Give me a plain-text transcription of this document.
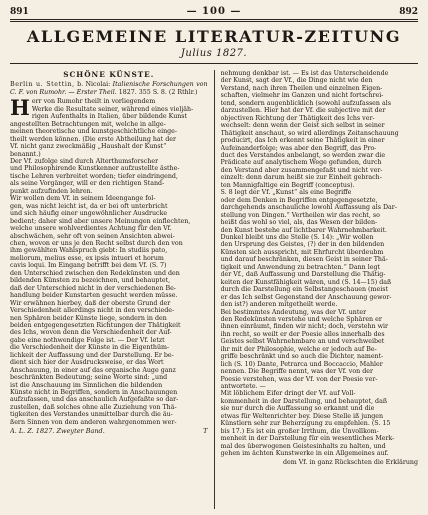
891	— 100 —	892
ALLGEMEINE LITERATUR-ZEITUNG
Julius 1827.
SCHÖNE KÜNSTE.
Berlin u. Stettin, b. Nicolai: Italienische Forschungen von C. F. von Rumohr. — Erster Theil. 1827. 355 S. 8. (2 Rthlr.)
H err von Rumohr theilt in vorliegendem
Werke die Resultate seiner, während eines vieljäh-
rigen Aufenthalts in Italien, über bildende Kunst
angestellten Betrachtungen mit, welche in allge-
meinen theoretische und kunstgeschichtliche einge-
theilt werden können. (Die erste Abtheilung hat der
Vf. nicht ganz zweckmäßig „Haushalt der Kunst“
benannt.)
Der Vf. zufolge sind durch Alterthumsforscher
und Philosophirende Kunstkenner aufzustellte ästhe-
tische Lehren verbreitet worden; tiefer eindringend,
als seine Vorgänger, will er den richtigen Stand-
punkt aufzufinden lehren.
Wir wollen dem Vf. in seinem Ideengange fol-
gen, was nicht leicht ist, da er bei oft unterbricht
und sich häufig einer ungewöhnlicher Ausdrucke
bedient; daher sind aber unsere Meinungen einflechten,
welche unsere wohlverdientes Achtung für den Vf.
abschwächen, sehr oft von seinen Ansichten abwei-
chen, wovon er uns je den Recht selbst durch den von
ihm gewählten Wahlspruch giebt: In studiis pato,
meliorum, melius esse, ex ipsis intueri et horum
cavis loqui. Im Eingang betrifft bei dem Vf. (S. 7)
den Unterschied zwischen den Redekünsten und den
bildenden Künsten zu bezeichnen, und behauptet,
daß der Unterschied nicht in der verschiedenen Be-
handlung beider Kunstarten gesucht werden müsse.
Wir erwähnen hierbey, daß der oberste Grund der
Verschiedenheit allerdings nicht in den verschiede-
nen Sphären beider Künste liege, sondern in den
beiden entgegengesetzten Richtungen der Thätigkeit
des Ichs, wovon denn die Verschiedenheit der Auf-
gabe eine nothwendige Folge ist. — Der Vf. letzt
die Verschiedenheit der Künste in die Eigenthüm-
lichkeit der Auffassung und der Darstellung. Er be-
dient sich hier der Ausdrucksweise, er das Wort
Anschauung, in einer auf das organische Auge ganz
beschränkten Bedeutung; seine Worte sind: „und
ist die Anschauung im Sinnlichen die bildenden
Künste nicht in Begriffen, sondern in Anschauungen
aufzufassen, und das anschaulich Aufgefaßte so dar-
zustellen, daß solches ohne alle Zuziehung von Thä-
tigkeiten des Verstandes unmittelbar durch die äu-
ßern Sinnen von dem anderen wahrgenommen wer-
A. L. Z. 1827. Zweyter Band.	T
nehmung denkbar ist. — Es ist das Unterscheidende
der Kunst, sagt der Vf., die Dinge nicht wie den
Verstand, nach ihren Theilen und einzelnen Eigen-
schaften, vielmehr im Ganzen und nicht fortschrei-
tend, sondern augenblicklich (sowohl aufzufassen als
darzustellen. Hier hat der Vf. die subjective mit der
objectiven Richtung der Thätigkeit des Ichs ver-
wechselt: denn wenn der Geist sich selbst in seiner
Thätigkeit anschaut, so wird allerdings Zeitanschauung
producirt, das Ich erkennt seine Thätigkeit in einer
Aufeinanderfolge; was aber den Begriff, das Pro-
duct des Verstandes anbelangt, so werden zwar die
Prädicate auf analytischem Wege gefunden, durch
den Verstand aber zusammengefaßt und nicht ver-
einzelt: denn darum heißt sie zur Einheit gebrach-
ten Mannigfaltige ein Begriff (conceptus).
S. 8 legt der Vf. „Kunst“ als eine Begriffe
oder dem Denken in Begriffen entgegengesetzte,
darchgehends anschauliche lowohl Auffassung als Dar-
stellung von Dingen.“ Vertheilen wir das recht, so
heißt das wohl so viel, als, das Wesen der bilden-
den Kunst bestehe auf lichtbarer Wahrnehmbarkeit.
Dunkel bleibt uns die Stelle (S. 14): „Wir wollen
den Ursprung des Geistes, (?) der in den bildenden
Künsten sich ausspricht, mit Ehrfurcht überdeubm
und darauf beschränken, diesen Geist in seiner Thä-
tigkeit und Anwendung zu betrachten.“ Dann legt
der Vf., daß Auffassung und Darstellung die Thätig-
keiten der Kunstfähigkeit wären, und (S. 14—15) daß
durch die Darstellung ein Selbstangeschauen (meist
er das Ich selbst Gegenstand der Anschauung gewor-
den ist?) anderen mitgetheilt werde.
Bei bestimmtes Andeutung, was der Vf. unter
den Redekünsten verstehe und welche Sphären er
ihnen einräumt, finden wir nicht; doch, verstehn wir
ihn recht, so weilt er der Poesie alles innerhalb des
Geistes selbst Wahrnehmbare an und verschweibet
ihr mit der Philosophie, welche er jedoch auf Be-
griffe beschränkt und so auch die Dichter, nament-
lich (S. 10) Dante, Petrarca und Boccaccio, Mahler
nennen. Die Begriffe nennt, was der Vf. von der
Poesie verstehen, was der Vf. von der Poesie ver-
antwortete. —
Mit löblichem Eifer dringt der Vf. auf Voll-
kommenheit in der Darstellung, und behauptet, daß
sie nur durch die Auffassung so erkannt und die
etwas für Weltenrichter bey. Diese Stelle iß jungen
Künstlern sehr zur Beherzigung zu empfehlen. (S. 15
bis 17.) Es ist ein großer Irrthum, die Unvollkom-
menheit in der Darstellung für ein wesentliches Merk-
mal des überwogenen Geistesinhalts zu halten, und
gehen im ächten Kunstwerke in ein Allgemeines auf.
dem Vf. in ganz Rückschten die Erklärung
